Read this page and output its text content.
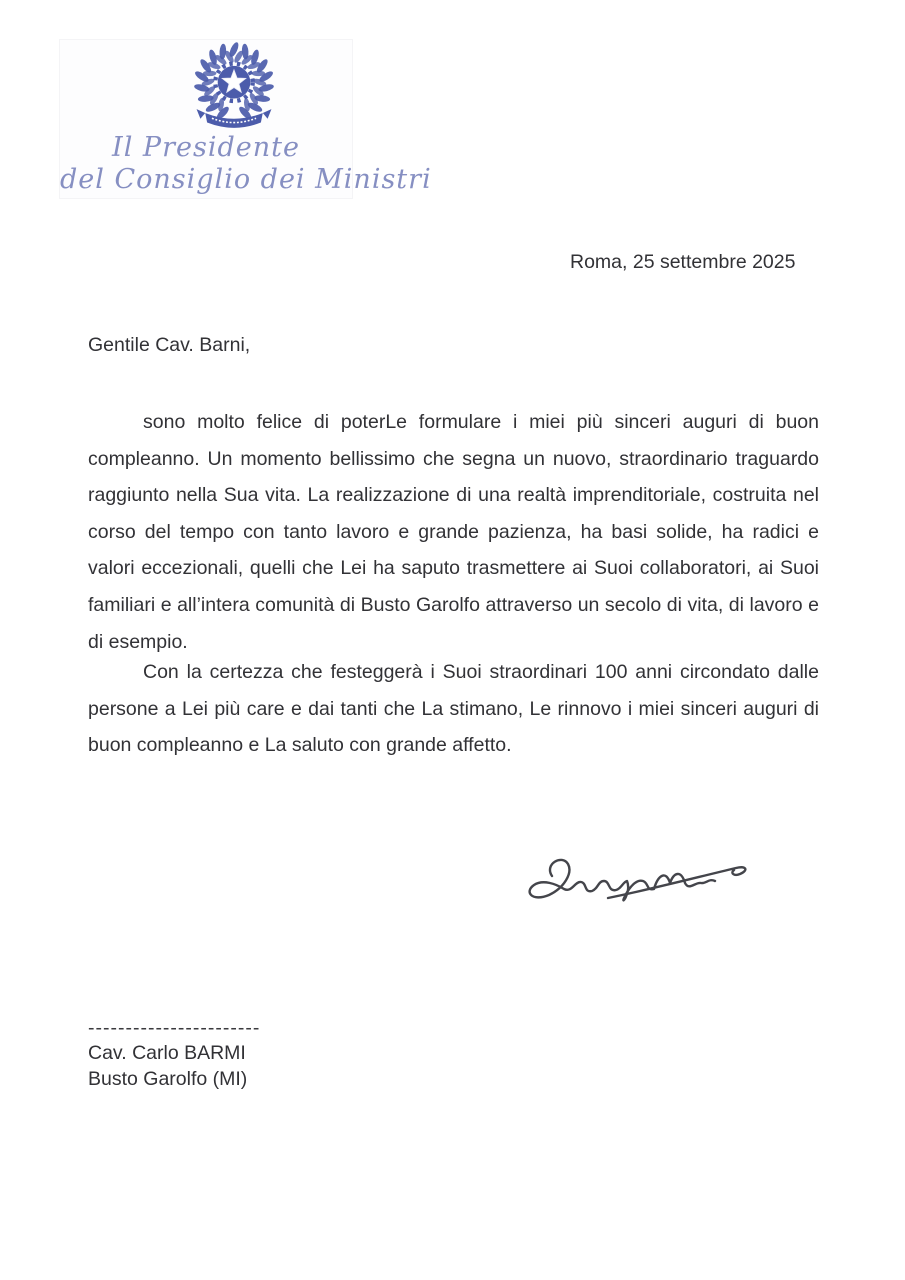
Il Presidente
del Consiglio dei Ministri
Roma, 25 settembre 2025
Gentile Cav. Barni,
sono molto felice di poterLe formulare i miei più sinceri auguri di buon compleanno. Un momento bellissimo che segna un nuovo, straordinario traguardo raggiunto nella Sua vita. La realizzazione di una realtà imprenditoriale, costruita nel corso del tempo con tanto lavoro e grande pazienza, ha basi solide, ha radici e valori eccezionali, quelli che Lei ha saputo trasmettere ai Suoi collaboratori, ai Suoi familiari e all’intera comunità di Busto Garolfo attraverso un secolo di vita, di lavoro e di esempio.
Con la certezza che festeggerà i Suoi straordinari 100 anni circondato dalle persone a Lei più care e dai tanti che La stimano, Le rinnovo i miei sinceri auguri di buon compleanno e La saluto con grande affetto.
-----------------------
Cav. Carlo BARMI
Busto Garolfo (MI)
